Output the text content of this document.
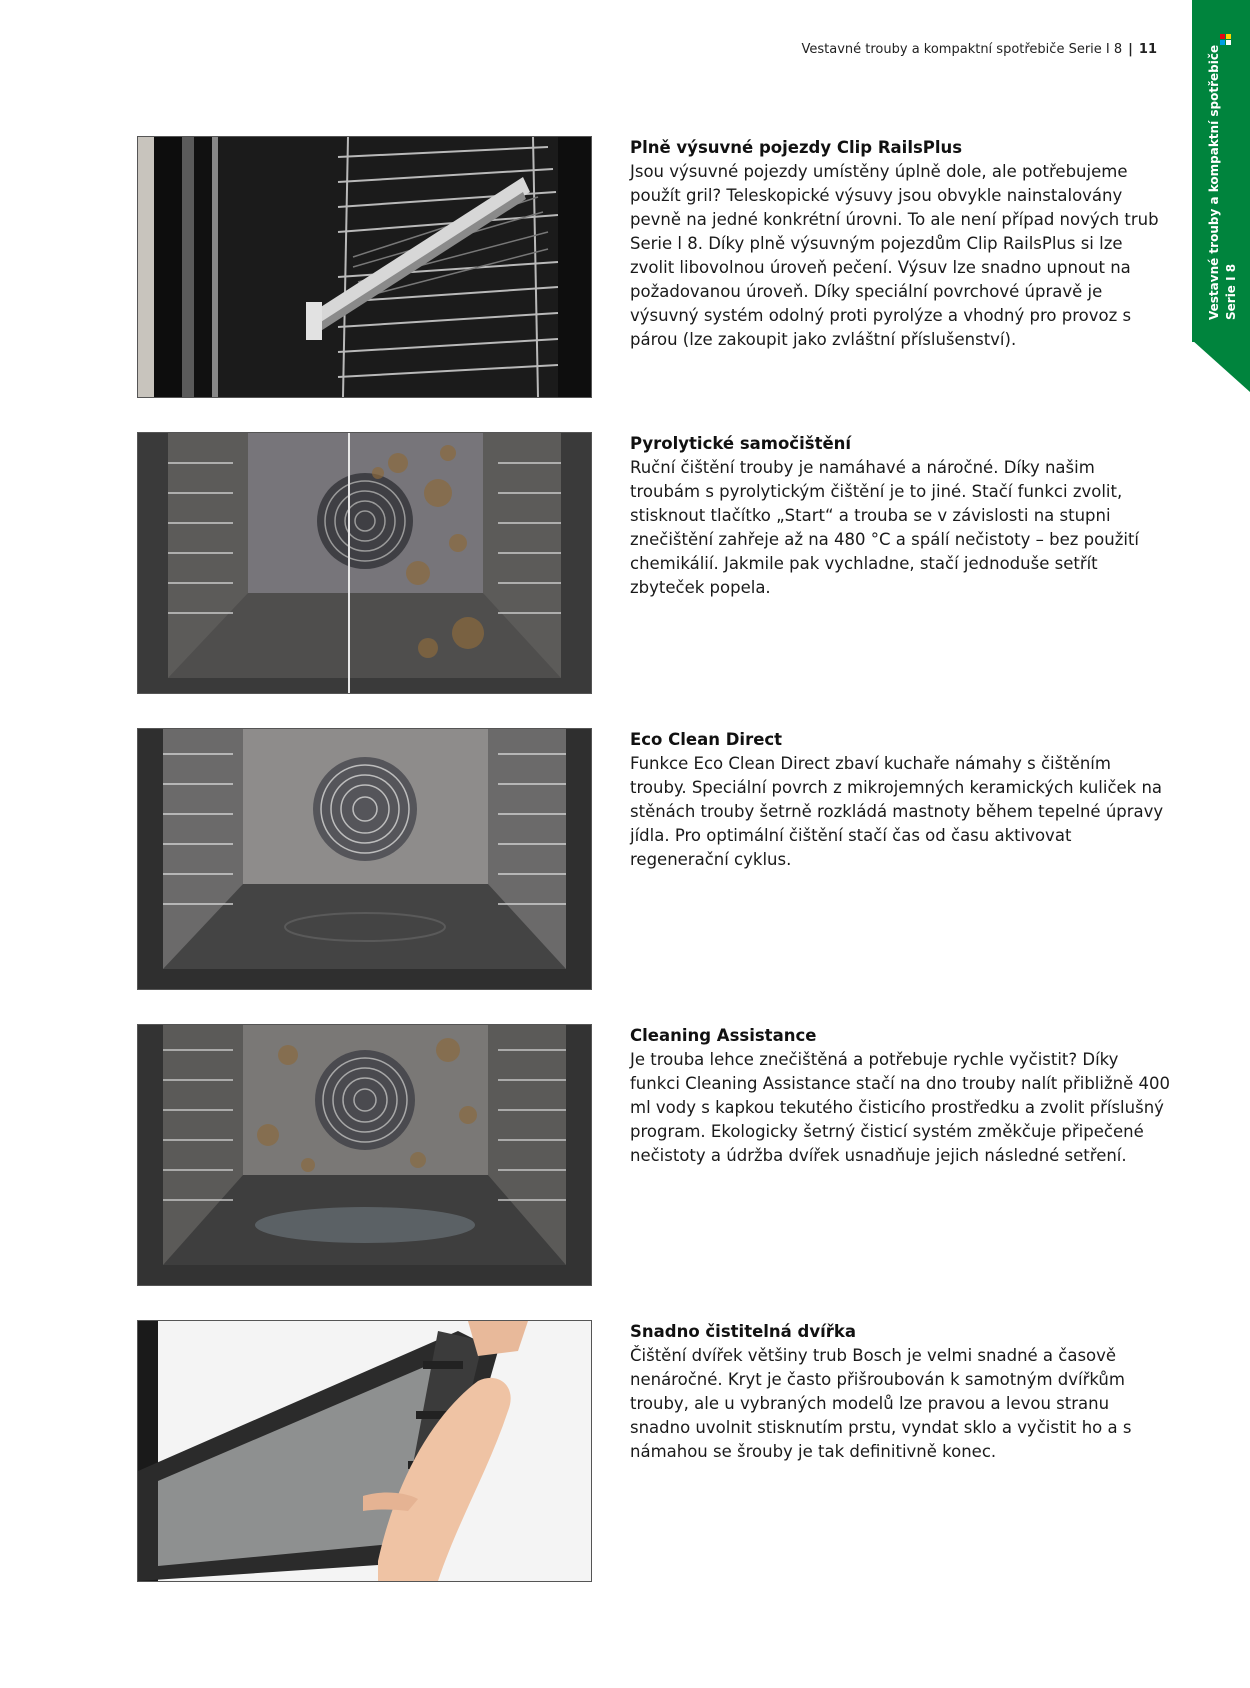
Vestavné trouby a kompaktní spotřebiče Serie I 8 | 11	Vestavné trouby a kompaktní spotřebiče Serie I 8
Plně výsuvné pojezdy Clip RailsPlus

Jsou výsuvné pojezdy umístěny úplně dole, ale potřebujeme použít gril? Teleskopické výsuvy jsou obvykle nainstalovány pevně na jedné konkrétní úrovni. To ale není případ nových trub Serie l 8. Díky plně výsuvným pojezdům Clip RailsPlus si lze zvolit libovolnou úroveň pečení. Výsuv lze snadno upnout na požadovanou úroveň. Díky speciální povrchové úpravě je výsuvný systém odolný proti pyrolýze a vhodný pro provoz s párou (lze zakoupit jako zvláštní příslušenství).

Pyrolytické samočištění

Ruční čištění trouby je namáhavé a náročné. Díky našim troubám s pyrolytickým čištění je to jiné. Stačí funkci zvolit, stisknout tlačítko „Start“ a trouba se v závislosti na stupni znečištění zahřeje až na 480 °C a spálí nečistoty – bez použití chemikálií. Jakmile pak vychladne, stačí jednoduše setřít zbyteček popela.

Eco Clean Direct

Funkce Eco Clean Direct zbaví kuchaře námahy s čištěním trouby. Speciální povrch z mikrojemných keramických kuliček na stěnách trouby šetrně rozkládá mastnoty během tepelné úpravy jídla. Pro optimální čištění stačí čas od času aktivovat regenerační cyklus.

Cleaning Assistance

Je trouba lehce znečištěná a potřebuje rychle vyčistit? Díky funkci Cleaning Assistance stačí na dno trouby nalít přibližně 400 ml vody s kapkou tekutého čisticího prostředku a zvolit příslušný program. Ekologicky šetrný čisticí systém změkčuje připečené nečistoty a údržba dvířek usnadňuje jejich následné setření.

Snadno čistitelná dvířka

Čištění dvířek většiny trub Bosch je velmi snadné a časově nenáročné. Kryt je často přišroubován k samotným dvířkům trouby, ale u vybraných modelů lze pravou a levou stranu snadno uvolnit stisknutím prstu, vyndat sklo a vyčistit ho a s námahou se šrouby je tak definitivně konec.
